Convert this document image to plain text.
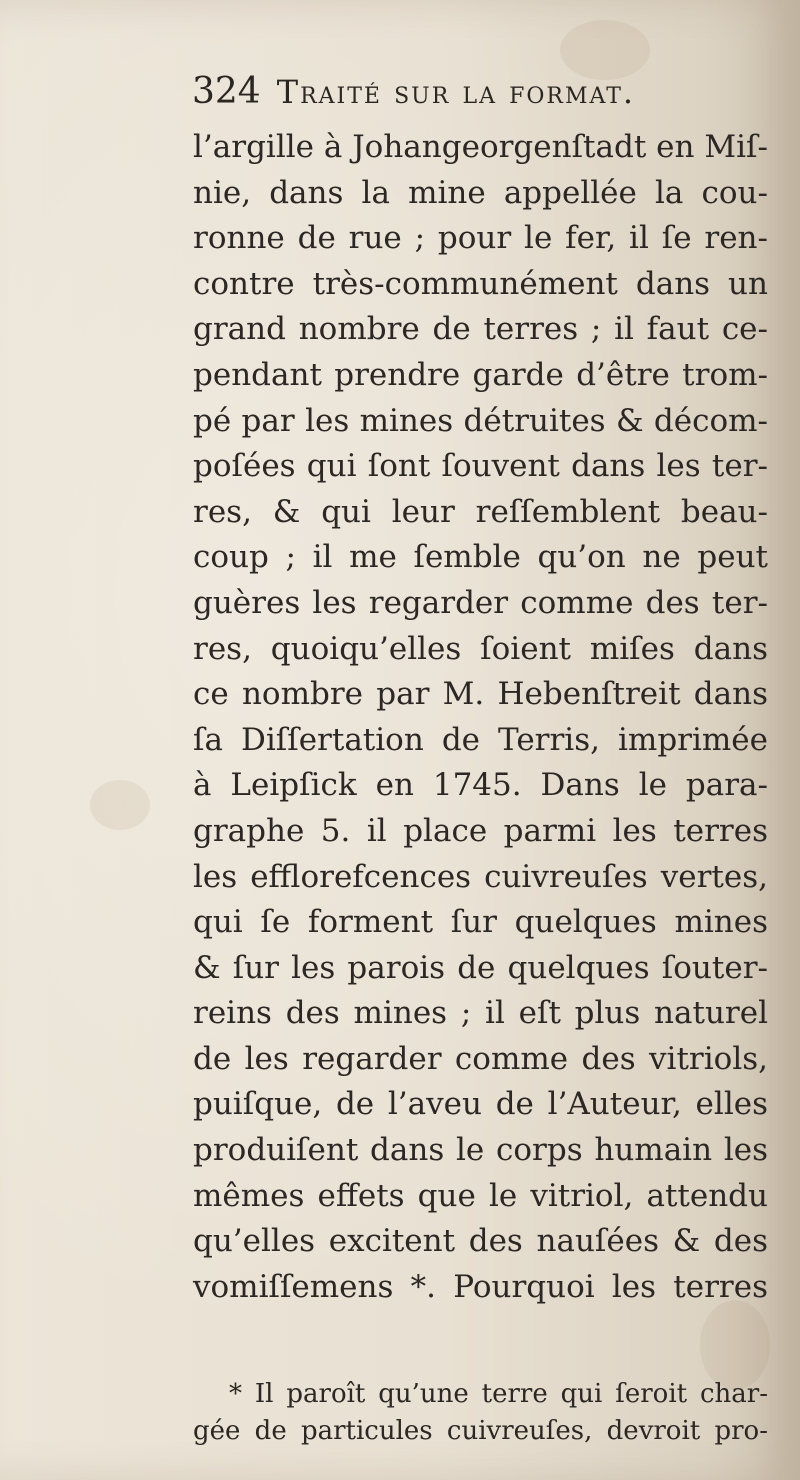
324 Traité sur la format.
l’argille à Johangeorgenſtadt en Miſ-
nie, dans la mine appellée la cou-
ronne de rue ; pour le fer, il ſe ren-
contre très-communément dans un
grand nombre de terres ; il faut ce-
pendant prendre garde d’être trom-
pé par les mines détruites & décom-
poſées qui ſont ſouvent dans les ter-
res, & qui leur reſſemblent beau-
coup ; il me ſemble qu’on ne peut
guères les regarder comme des ter-
res, quoiqu’elles ſoient miſes dans
ce nombre par M. Hebenſtreit dans
ſa Diſſertation de Terris, imprimée
à Leipſick en 1745. Dans le para-
graphe 5. il place parmi les terres
les efflorefcences cuivreuſes vertes,
qui ſe forment ſur quelques mines
& ſur les parois de quelques ſouter-
reins des mines ; il eſt plus naturel
de les regarder comme des vitriols,
puiſque, de l’aveu de l’Auteur, elles
produiſent dans le corps humain les
mêmes effets que le vitriol, attendu
qu’elles excitent des nauſées & des
vomiſſemens *. Pourquoi les terres
* Il paroît qu’une terre qui ſeroit char-
gée de particules cuivreuſes, devroit pro-
